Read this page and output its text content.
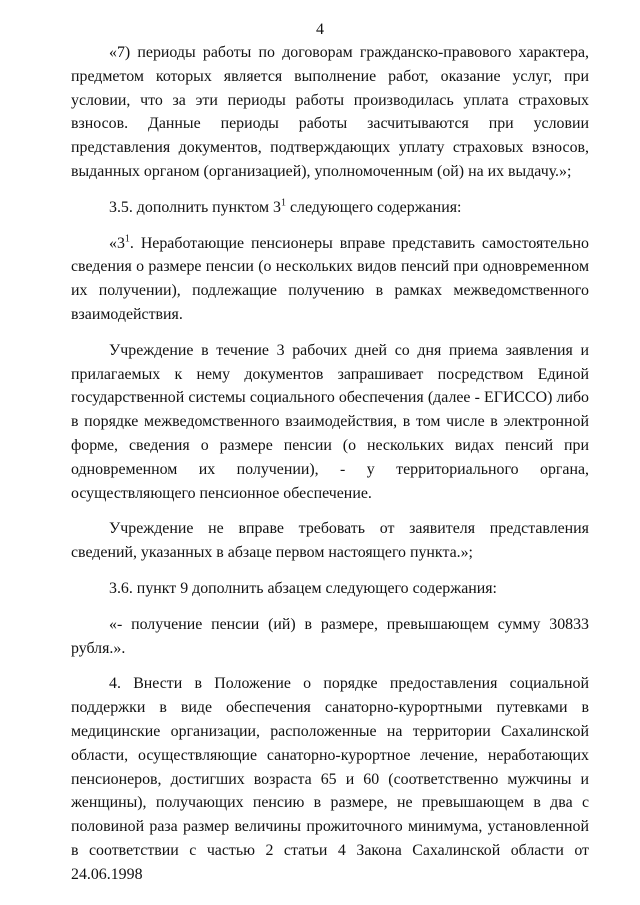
4

«7) периоды работы по договорам гражданско-правового характера, предметом которых является выполнение работ, оказание услуг, при условии, что за эти периоды работы производилась уплата страховых взносов. Данные периоды работы засчитываются при условии представления документов, подтверждающих уплату страховых взносов, выданных органом (организацией), уполномоченным (ой) на их выдачу.»;

3.5. дополнить пунктом $3^1$ следующего содержания:

«$3^1$. Неработающие пенсионеры вправе представить самостоятельно сведения о размере пенсии (о нескольких видов пенсий при одновременном их получении), подлежащие получению в рамках межведомственного взаимодействия.

Учреждение в течение 3 рабочих дней со дня приема заявления и прилагаемых к нему документов запрашивает посредством Единой государственной системы социального обеспечения (далее - ЕГИССО) либо в порядке межведомственного взаимодействия, в том числе в электронной форме, сведения о размере пенсии (о нескольких видах пенсий при одновременном их получении), - у территориального органа, осуществляющего пенсионное обеспечение.

Учреждение не вправе требовать от заявителя представления сведений, указанных в абзаце первом настоящего пункта.»;

3.6. пункт 9 дополнить абзацем следующего содержания:

«- получение пенсии (ий) в размере, превышающем сумму 30833 рубля.».

4. Внести в Положение о порядке предоставления социальной поддержки в виде обеспечения санаторно-курортными путевками в медицинские организации, расположенные на территории Сахалинской области, осуществляющие санаторно-курортное лечение, неработающих пенсионеров, достигших возраста 65 и 60 (соответственно мужчины и женщины), получающих пенсию в размере, не превышающем в два с половиной раза размер величины прожиточного минимума, установленной в соответствии с частью 2 статьи 4 Закона Сахалинской области от 24.06.1998
